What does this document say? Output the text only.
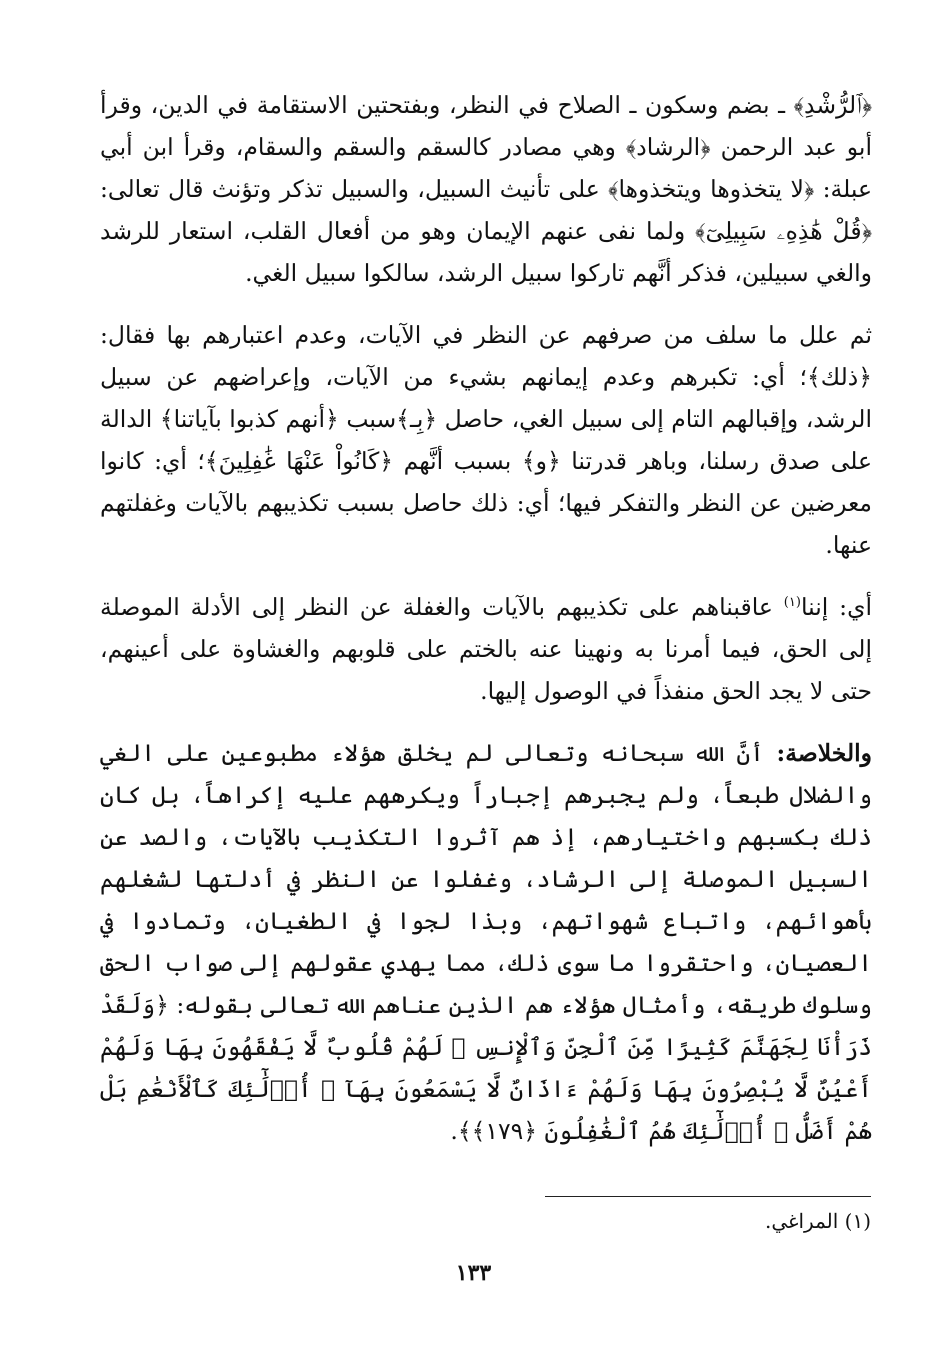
﴿ٱلرُّشْدِ﴾ ـ بضم وسكون ـ الصلاح في النظر، وبفتحتين الاستقامة في الدين، وقرأ أبو عبد الرحمن ﴿الرشاد﴾ وهي مصادر كالسقم والسقم والسقام، وقرأ ابن أبي عبلة: ﴿لا يتخذوها ويتخذوها﴾ على تأنيث السبيل، والسبيل تذكر وتؤنث قال تعالى: ﴿قُلْ هَٰذِهِۦ سَبِيلِىٓ﴾ ولما نفى عنهم الإيمان وهو من أفعال القلب، استعار للرشد والغي سبيلين، فذكر أنَّهم تاركوا سبيل الرشد، سالكوا سبيل الغي.

ثم علل ما سلف من صرفهم عن النظر في الآيات، وعدم اعتبارهم بها فقال: ﴿ذلك﴾؛ أي: تكبرهم وعدم إيمانهم بشيء من الآيات، وإعراضهم عن سبيل الرشد، وإقبالهم التام إلى سبيل الغي، حاصل ﴿بِـ﴾سبب ﴿أنهم كذبوا بآياتنا﴾ الدالة على صدق رسلنا، وباهر قدرتنا ﴿و﴾ بسبب أنَّهم ﴿كَانُواْ عَنْهَا غَٰفِلِينَ﴾؛ أي: كانوا معرضين عن النظر والتفكر فيها؛ أي: ذلك حاصل بسبب تكذيبهم بالآيات وغفلتهم عنها.

أي: إننا$^{(١)}$ عاقبناهم على تكذيبهم بالآيات والغفلة عن النظر إلى الأدلة الموصلة إلى الحق، فيما أمرنا به ونهينا عنه بالختم على قلوبهم والغشاوة على أعينهم، حتى لا يجد الحق منفذاً في الوصول إليها.

والخلاصة: أنَّ الله سبحانه وتعالى لم يخلق هؤلاء مطبوعين على الغي والضلال طبعاً، ولم يجبرهم إجباراً ويكرههم عليه إكراهاً، بل كان ذلك بكسبهم واختيارهم، إذ هم آثروا التكذيب بالآيات، والصد عن السبيل الموصلة إلى الرشاد، وغفلوا عن النظر في أدلتها لشغلهم بأهوائهم، واتباع شهواتهم، وبذا لجوا في الطغيان، وتمادوا في العصيان، واحتقروا ما سوى ذلك، مما يهدي عقولهم إلى صواب الحق وسلوك طريقه، وأمثال هؤلاء هم الذين عناهم الله تعالى بقوله: ﴿وَلَقَدْ ذَرَأْنَا لِجَهَنَّمَ كَثِيرًا مِّنَ ٱلْجِنِّ وَٱلْإِنسِ ۖ لَهُمْ قُلُوبٌ لَّا يَفْقَهُونَ بِهَا وَلَهُمْ أَعْيُنٌ لَّا يُبْصِرُونَ بِهَا وَلَهُمْ ءَاذَانٌ لَّا يَسْمَعُونَ بِهَآ ۚ أُو۟لَٰٓئِكَ كَٱلْأَنْعَٰمِ بَلْ هُمْ أَضَلُّ ۚ أُو۟لَٰٓئِكَ هُمُ ٱلْغَٰفِلُونَ ﴿١٧٩﴾﴾.

(١) المراغي.
١٣٣
